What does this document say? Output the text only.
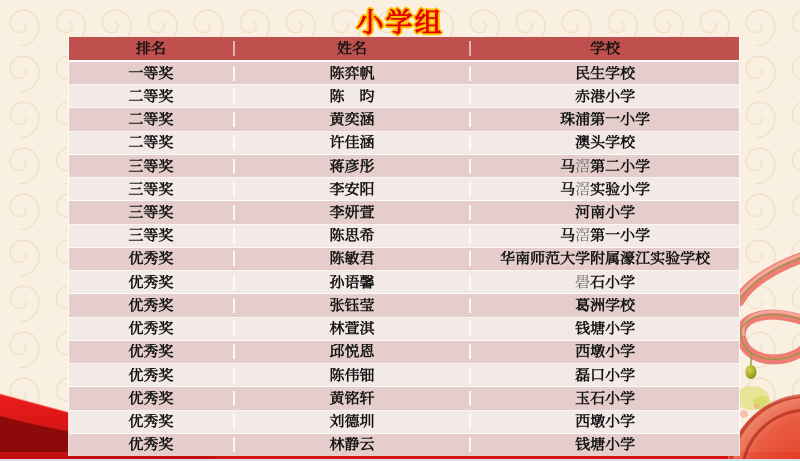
小学组
排名	姓名	学校
一等奖	陈弈帆	民生学校
二等奖	陈　昀	赤港小学
二等奖	黄奕涵	珠浦第一小学
二等奖	许佳涵	澳头学校
三等奖	蒋彦彤	马滘第二小学
三等奖	李安阳	马滘实验小学
三等奖	李妍萱	河南小学
三等奖	陈思希	马滘第一小学
优秀奖	陈敏君	华南师范大学附属濠江实验学校
优秀奖	孙语馨	礐石小学
优秀奖	张钰莹	葛洲学校
优秀奖	林萱淇	钱塘小学
优秀奖	邱悦恩	西墩小学
优秀奖	陈伟钿	磊口小学
优秀奖	黄铭轩	玉石小学
优秀奖	刘德圳	西墩小学
优秀奖	林静云	钱塘小学
